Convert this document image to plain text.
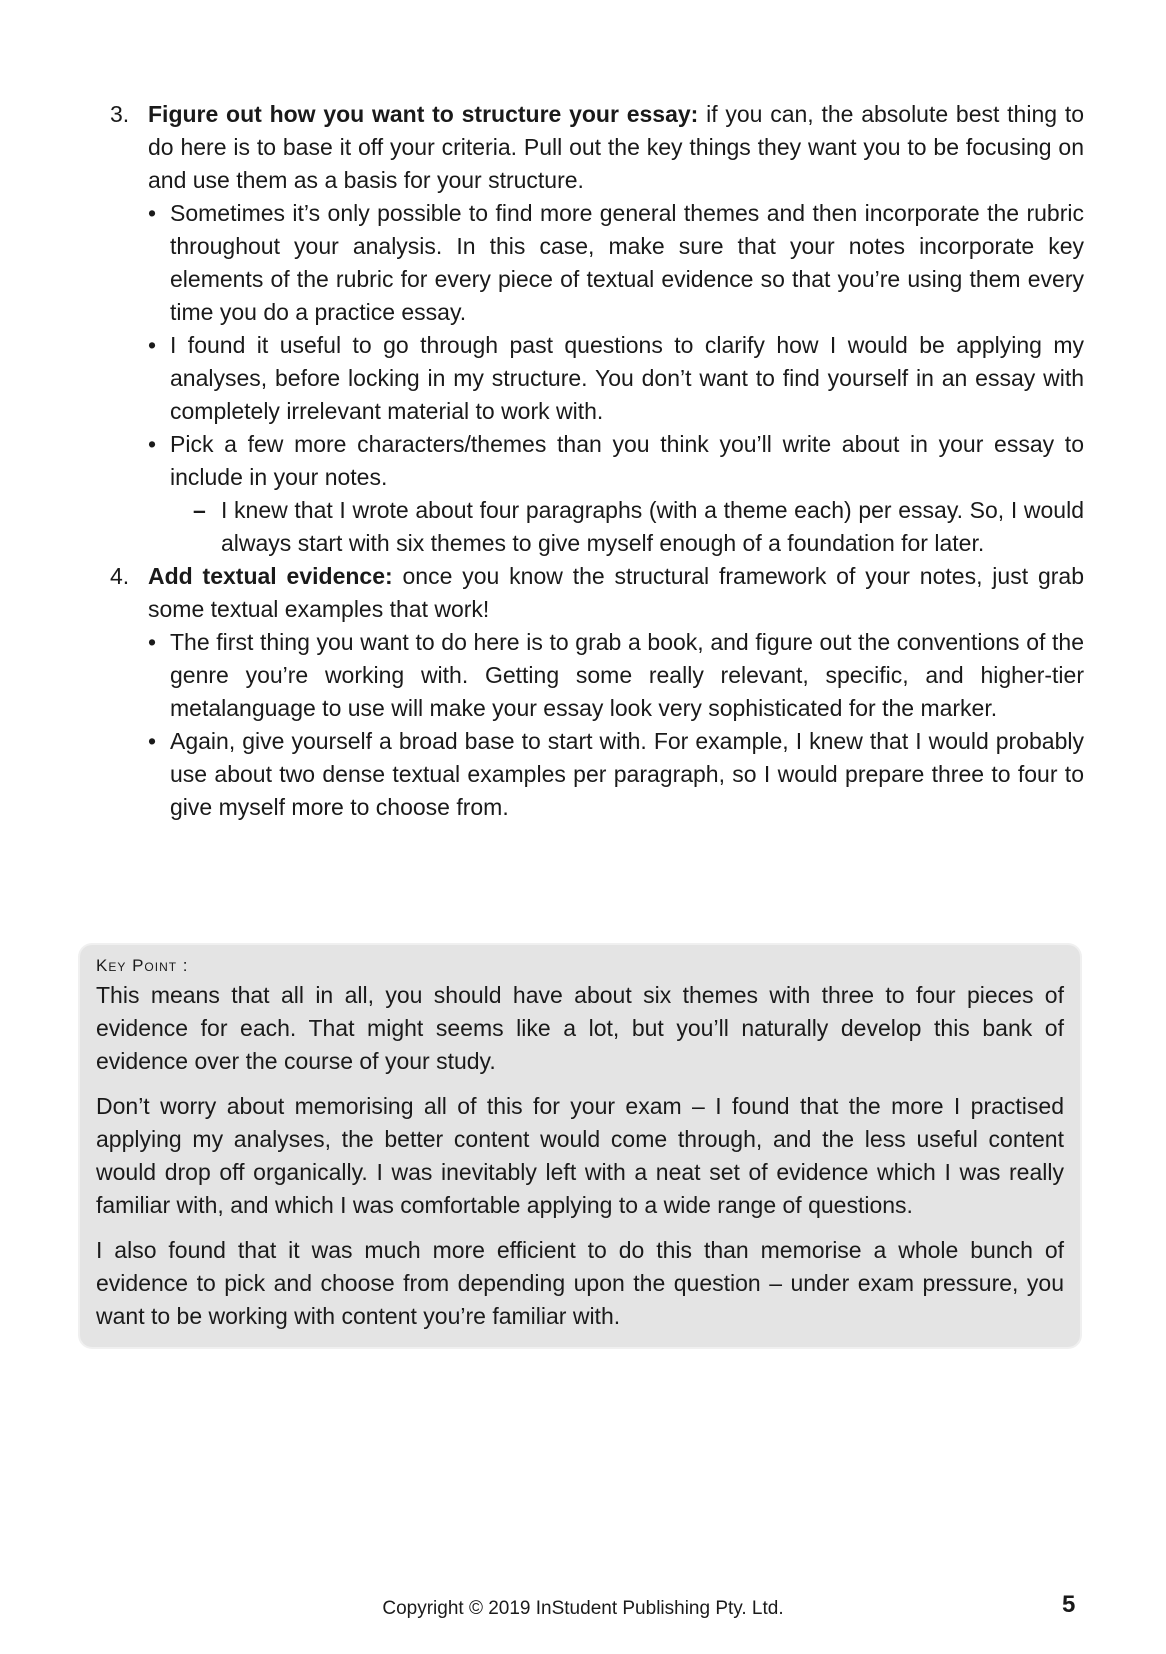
3. Figure out how you want to structure your essay: if you can, the absolute best thing to do here is to base it off your criteria. Pull out the key things they want you to be focusing on and use them as a basis for your structure.
• Sometimes it’s only possible to find more general themes and then incorporate the rubric throughout your analysis. In this case, make sure that your notes incorporate key elements of the rubric for every piece of textual evidence so that you’re using them every time you do a practice essay.
• I found it useful to go through past questions to clarify how I would be applying my analyses, before locking in my structure. You don’t want to find yourself in an essay with completely irrelevant material to work with.
• Pick a few more characters/themes than you think you’ll write about in your essay to include in your notes.
– I knew that I wrote about four paragraphs (with a theme each) per essay. So, I would always start with six themes to give myself enough of a foundation for later.
4. Add textual evidence: once you know the structural framework of your notes, just grab some textual examples that work!
• The first thing you want to do here is to grab a book, and figure out the conventions of the genre you’re working with. Getting some really relevant, specific, and higher-tier metalanguage to use will make your essay look very sophisticated for the marker.
• Again, give yourself a broad base to start with. For example, I knew that I would probably use about two dense textual examples per paragraph, so I would prepare three to four to give myself more to choose from.
Key Point :

This means that all in all, you should have about six themes with three to four pieces of evidence for each. That might seems like a lot, but you’ll naturally develop this bank of evidence over the course of your study.

Don’t worry about memorising all of this for your exam – I found that the more I practised applying my analyses, the better content would come through, and the less useful content would drop off organically. I was inevitably left with a neat set of evidence which I was really familiar with, and which I was comfortable applying to a wide range of questions.

I also found that it was much more efficient to do this than memorise a whole bunch of evidence to pick and choose from depending upon the question – under exam pressure, you want to be working with content you’re familiar with.

Copyright © 2019 InStudent Publishing Pty. Ltd.	5
